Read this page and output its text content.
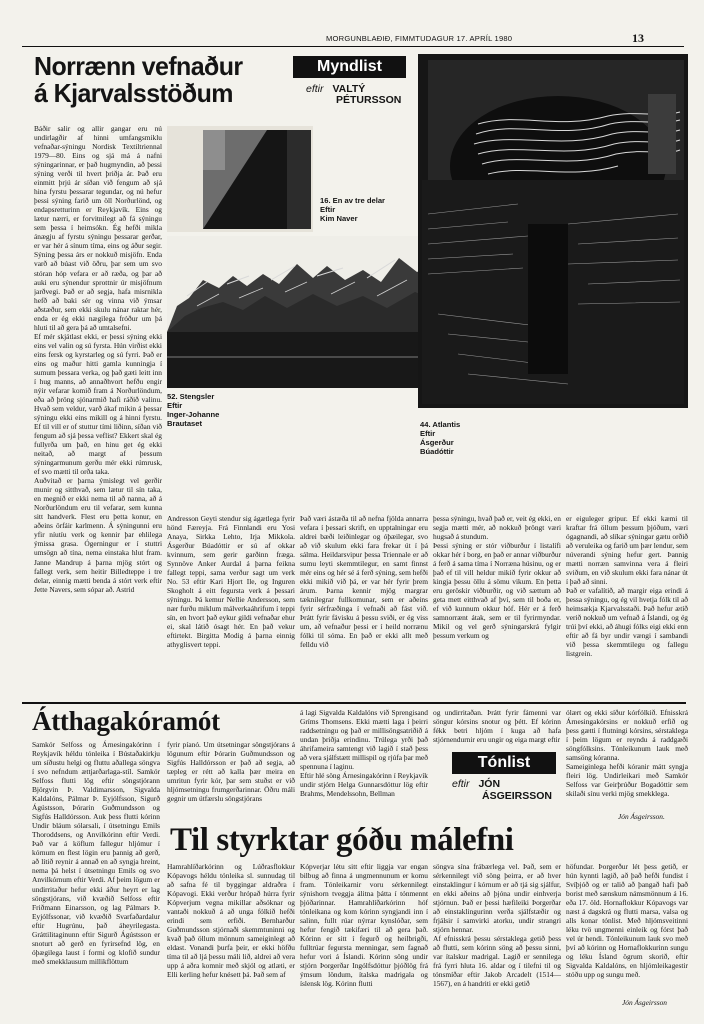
MORGUNBLAÐIÐ, FIMMTUDAGUR 17. APRÍL 1980	13
Norrænn vefnaður
á Kjarvalsstöðum
Myndlist
eftir VALTÝ
PÉTURSSON
Báðir salir og allir gangar eru nú undirlagðir af hinni umfangsmiklu vefnaðar-sýningu Nordisk Textiltriennal 1979—80. Eins og sjá má á nafni sýningarinnar, er það hugmyndin, að þessi sýning verði til hvert þriðja ár. Það eru einmitt þrjú ár síðan við fengum að sjá hina fyrstu þessarar tegundar, og nú hefur þessi sýning farið um öll Norðurlönd, og endapsretturinn er Reykjavík. Eins og lætur nærri, er forvitnilegt að fá sýningu sem þessa í heimsókn. Ég hefði mikla ánægju af fyrstu sýningu þessarar gerðar, er var hér á sínum tíma, eins og áður segir. Sýning þessa árs er nokkuð misjöfn. Enda varð að búast við öðru, þar sem um svo stóran hóp vefara er að ræða, og þar að auki eru sýnendur sprottnir úr misjöfnum jarðvegi. Það er að segja, hafa misrnikla hefð að baki sér og vinna við ýmsar aðstæður, sem ekki skulu nánar raktar hér, enda er ég ekki nægilega fróður um þá hluti til að gera þá að umtalsefni.
Ef mér skjátlast ekki, er þessi sýning ekki eins vel valin og sú fyrsta. Hún virðist ekki eins fersk og kyrstarleg og sú fyrri. Það er eins og maður hitti gamla kunningja í sumum þessara verka, og það gæti leitt inn í hug manns, að annaðhvort hefðu engir nýir vefarar komið fram á Norðurlöndum, eða að þröng sjónarmið hafi ráðið valinu. Hvað sem veldur, varð ákaf mikin á þessar sýningu ekki eins mikill og á hinni fyrstu. Ef til vill er of stuttur tími liðinn, síðan við fengum að sjá þessa veflist? Ekkert skal ég fullyrða um það, en hinu get ég ekki neitað, að margt af þessum sýningarmunum gerðu mér ekki rúmrusk, ef svo mætti til orða taka.
Auðvitað er þarna ýmislegt vel gerðir munir og sitthvað, sem lætur til sín taka, en megnið er ekki nema til að nanna, að á Norðurlöndum eru til vefarar, sem kunna sitt handverk. Flest eru þetta konur, en aðeins örfáir karlmenn. Á sýningunni eru yfir níutíu verk og kennir þar ehlilega ýmissa grasa. Ógerningur er í stuttri umsögn að tína, nema einstaka hlut fram. Janne Mandrup á þarna mjög stórt og fallegt verk, sem heitir Billedteppe i tre delar, einnig mætti benda á stórt verk eftir Jette Navers, sem sópar að. Astrid
Andresson Geyti stendur sig ágætlega fyrir hönd Færeyja. Frá Finnlandi eru Yosi Anaya, Sirkka Lehto, Irja Mikkola. Ásgerður Búadóttir er sú af okkar kvinnum, sem gerir garðinn fræga. Synnöve Anker Aurdal á þarna feikna fallegt teppi, sama verður sagt um verk No. 53 eftir Kari Hjort Ile, og Inguren Skogholt á eitt fegursta verk á þessari sýningu. Þá kemur Nellie Andersson, sem nær furðu miklum málverkaáhrifum í teppi sín, en hvort það eykur gildi vefnaðar ehur ei, skal látið ósagt hér. En það vekur eftirtekt. Birgitta Modig á þarna einnig athyglisvert teppi.
Það væri ástæða til að nefna fjölda annarra vefara í þessari skrift, en upptalningar eru aldrei bæði leiðinlegar og óþæilegar, svo að við skulum ekki fara frekar út í þá sálma. Heildarsvipur þessa Triennale er að sumu leyti skemmtilegur, en samt finnst mér eins og hér sé á ferð sýning, sem hefði ekki mikið við þá, er var hér fyrir þrem árum. Þarna kennir mjög margrar tæknilegrar fullkomunar, sem er aðeins fyrir sérfræðinga í vefnaði að fást við. Þrátt fyrir fávisku á þessu sviði, er ég viss um, að vefnaður þessi er í heild norrænu fólki til sóma. En það er ekki allt með felldu við
þessa sýningu, hvað það er, veit ég ekki, en segja mætti mér, að nokkuð þröngt væri hugsað á stundum.
Þessi sýning er stór viðburður í listalífi okkar hér í borg, en það er annar viðburður á ferð á sama tíma í Norræna húsinu, og er það ef til vill heldur mikið fyrir okkur að kingja þessu öllu á sömu vikum. En þetta eru geröskir viðburðir, og við sættum að geta mett eitthvað af því, sem til boða er, ef við kunnum okkur hóf. Hér er á ferð samnorrænt átak, sem er til fyrirmyndar. Mikil og vel gerð sýningarskrá fylgir þessum verkum og
er eiguleger gripur. Ef ekki kæmi til kraftar frá öllum þessum þjóðum, væri ógagnandi, að slíkar sýningar gætu orðið að veruleika og farið um þær lendur, sem núverandi sýning hefur gert. Þannig mætti norræn samvinna vera á fleiri sviðum, en við skulum ekki fara nánar út í það að sinni.
Það er vafalítið, að margir eiga erindi á þessa sýningu, og ég vil hvetja fólk til að heimsækja Kjarvalsstaði. Það hefur ætíð verið nokkuð um vefnað á Íslandi, og ég trúi því ekki, að áhugi fólks eigi ekki enn eftir að fá byr undir vængi í sambandi við þessa skemmtilegu og fallegu listgrein.
16. En av tre delar
Eftir
Kim Naver
52. Stengsler
Eftir
Inger-Johanne
Brautaset	44. Atlantis
Eftir
Ásgerður
Búadóttir
Átthagakóramót
Samkór Selfoss og Árnesingakórinn í Reykjavík héldu tónleika í Bústaðakirkju um síðustu helgi og fluttu aðallega söngva í svo nefndum ættjarðarlaga-stíl. Samkór Selfoss flutti lög eftir söngstjórann Björgvin Þ. Valdimarsson, Sigvalda Kaldalóns, Pálmar Þ. Eyjólfsson, Sigurð Ágústsson, Þórarin Guðmundsson og Sigfús Halldórsson. Auk þess flutti kórinn Undir bláum sólarsali, í útsetningu Emils Thoroddsens, og Anvilkórinn eftir Verdi. Það var á köflum fallegur hljómur í kórnum en flest lögin eru þannig að gerð, að lítið reynir á annað en að syngja hreint, nema þá helst í útsetningu Emils og svo Anvilkórnum eftir Verdi. Af þeim lögum er undirritaður hefur ekki áður heyrt er lag söngstjórans, við kvæðið Selfoss eftir Friðmann Einarsson, og lag Pálmars Þ. Eyjólfssonar, við kvæðið Svarfaðardalur eftir Hugrúnu, það áheyrilegasta. Gráttilitaginunn eftir Sigurð Ágústsson er snoturt að gerð en fyrirsefnd lög, en óþægilega laust í formi og klofið sundur með smekklausum millikflöttum
fyrir píanó. Um útsetningar söngstjórans á lögunum eftir Þórarin Guðmundsson og Sigfús Halldórsson er það að segja, að tæpleg er rétt að kalla þær meira en umritun fyrir kór, þar sem stuðst er við hljómsetningu frumgerðarinnar. Öðru máli gegnir um útfærslu söngstjórans
á lagi Sigvalda Kaldalóns við Sprengisand Gríms Thomsens. Ekki mætti laga í þeirri raddsetningu og það er millisöngsatriðið á undan þriðja erindinu. Trúlega yrði það áhrifameira samtengt við lagið í stað þess að vera sjálfstætt millispil og rjúfa þar með spennuna í laginu.
Eftir hlé söng Árnesingakórinn í Reykjavík undir stjórn Helga Gunnarsdóttur lög eftir Brahms, Mendelssohn, Bellman
og undirritaðan. Þrátt fyrir fámenni var söngur kórsins snotur og þétt. Ef kórinn fékk betri hljóm í kuga að hafa stjórnendurnir eru ungir og eiga margt eftir
ólært og ekki síður kórfólkið. Efnisskrá Árnesingakórsins er nokkuð erfið og þess gætti í flutningi kórsins, sérstaklega í þeim lögum er reyndu á raddgæði söngfólksins. Tónleikunum lauk með samsöng kóranna.
Sameiginlega hefði kóranir mátt syngja fleiri lög. Undirleikari með Samkór Selfoss var Geirþrúður Bogadóttir sem skilaði sínu verki mjög smekklega.
Jón Ásgeirsson.
Tónlist
eftir JÓN
ÁSGEIRSSON
Til styrktar góðu málefni
Hamrahlíðarkórinn og Lúðrasflokkur Kópavogs héldu tónleika sl. sunnudag til að safna fé til byggingar aldraðra í Kópavogi. Ekki verður hrópað húrra fyrir Kópverjum vegna mikillar aðsóknar og vantaði nokkuð á að unga fólkið hefði erindi sem erfiði. Bernharður Guðmundsson stjórnaði skemmtuninni og kvað það öllum mönnum sameiginlegt að eldast. Vonandi þurfa þeir, er ekki höfðu tíma til að ljá þessu máli lið, aldrei að vera upp á aðra komnir með skjól og atlæti, er Elli kerling hefur knésett þá. Það sem af
Kópverjar létu sitt eftir liggja var engan bilbug að finna á ungmennunum er komu fram. Tónleikarnir voru sérkennilegt sýnishorn tveggja álitna þátta í tónmennt þjóðarinnar. Hamrahlíðarkórinn hóf tónleikana og kom kórinn syngjandi inn í salinn, fullt rúar nýrrar kynslóðar, sem hefur fengið tækifæri til að gera það. Kórinn er sitt í fegurð og heilbrigði, fulltrúar fegursta menningar, sem fagnað hefur vori á Íslandi. Kórinn söng undir stjórn Þorgerðar Ingólfsdóttur þjóðlög frá ýmsum löndum, ítalska madrigala og íslensk lög. Kórinn flutti
söngva sína frábærlega vel. Það, sem er sérkennilegt við söng þeirra, er að hver einstaklingur í kórnum er að tjá sig sjálfur, en ekki aðeins að þjóna undir einhverja stjórnun. Það er þessi hæfileiki Þorgerðar að einstaklingurinn verða sjálfstæðir og frjálsir í samvirki atorku, undir strangri stjórn hennar.
Af efnisskrá þessu sérstaklega getið þess að flutti, sem kórinn söng að þessu sinni, var ítalskur madrigal. Lagið er sennilega frá fyrri hluta 16. aldar og í tilefni til og tónsmíðar eftir Jakob Arcadelt (1514—1567), en á handriti er ekki getið
höfundar. Þorgerður lét þess getið, er hún kynnti lagið, að það hefði fundist í Svíþjóð og er talið að þangað hafi það borist með sænskum námsmönnum á 16. eða 17. öld. Hornaflokkur Kópavogs var næst á dagskrá og flutti marsa, valsa og alls konar tónlist. Með hljómsveitinni léku tvö ungmenni einleik og fórst það vel úr hendi. Tónleikunum lauk svo með því að kórinn og Hornaflokkurinn sungu og léku Ísland ögrum skorið, eftir Sigvalda Kaldalóns, en hljómleikagestir stóðu upp og sungu með.
Jón Ásgeirsson
